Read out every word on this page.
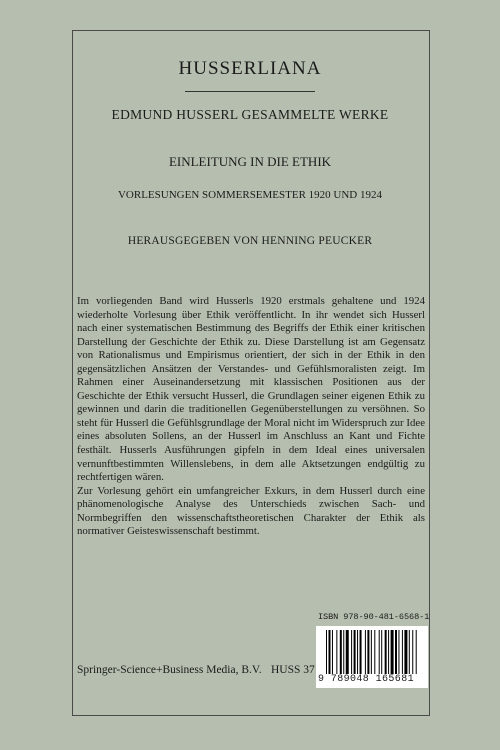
HUSSERLIANA
EDMUND HUSSERL GESAMMELTE WERKE
EINLEITUNG IN DIE ETHIK
VORLESUNGEN SOMMERSEMESTER 1920 UND 1924
HERAUSGEGEBEN VON HENNING PEUCKER

Im vorliegenden Band wird Husserls 1920 erstmals gehaltene und 1924 wiederholte Vorlesung über Ethik veröffentlicht. In ihr wendet sich Husserl nach einer systematischen Bestimmung des Begriffs der Ethik einer kritischen Darstellung der Geschichte der Ethik zu. Diese Darstellung ist am Gegensatz von Rationalismus und Empirismus orientiert, der sich in der Ethik in den gegensätzlichen Ansätzen der Verstandes- und Gefühlsmoralisten zeigt. Im Rahmen einer Auseinandersetzung mit klassischen Positionen aus der Geschichte der Ethik versucht Husserl, die Grundlagen seiner eigenen Ethik zu gewinnen und darin die traditionellen Gegenüberstellungen zu versöhnen. So steht für Husserl die Gefühlsgrundlage der Moral nicht im Widerspruch zur Idee eines absoluten Sollens, an der Husserl im Anschluss an Kant und Fichte festhält. Husserls Ausführungen gipfeln in dem Ideal eines universalen vernunftbestimmten Willenslebens, in dem alle Aktsetzungen endgültig zu rechtfertigen wären.

Zur Vorlesung gehört ein umfangreicher Exkurs, in dem Husserl durch eine phänomenologische Analyse des Unterschieds zwischen Sach- und Normbegriffen den wissenschaftstheoretischen Charakter der Ethik als normativer Geisteswissenschaft bestimmt.

ISBN 978-90-481-6568-1
9 789048 165681
Springer-Science+Business Media, B.V. HUSS 37
